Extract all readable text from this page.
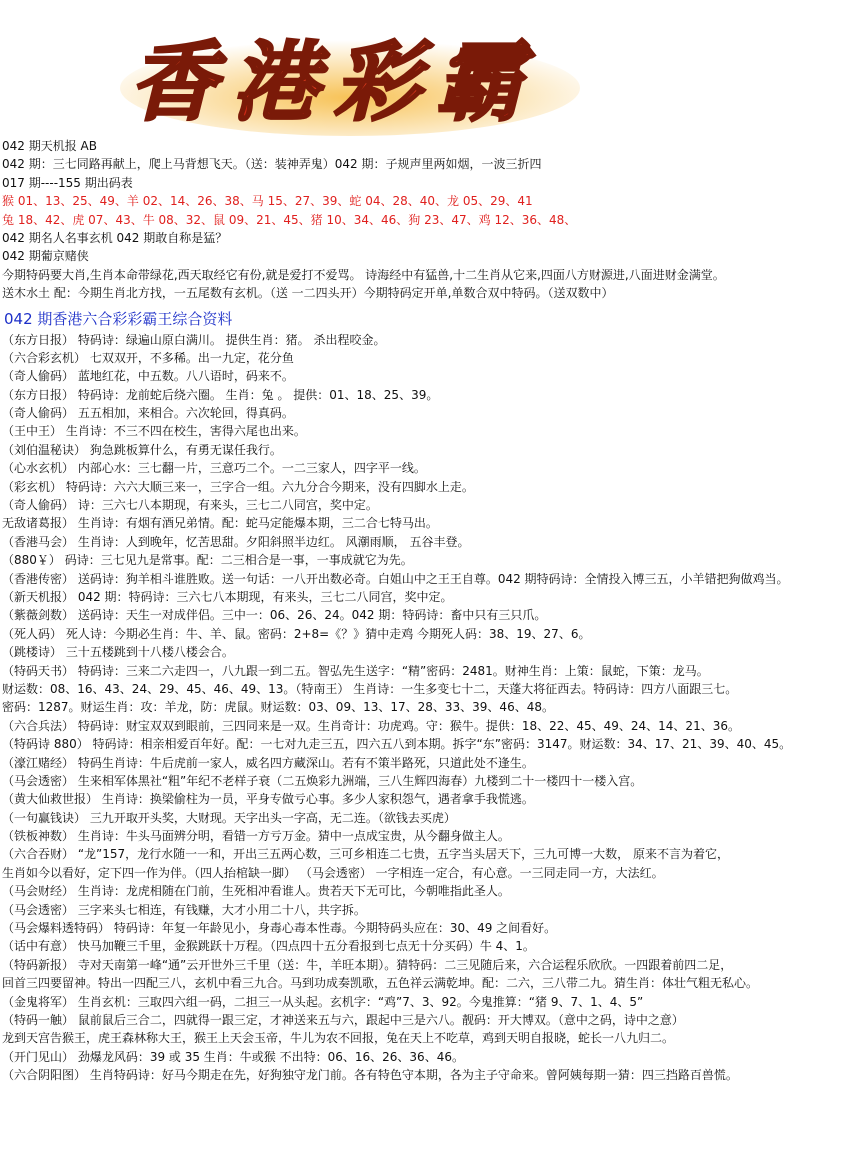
香港彩霸
042 期天机报 AB
042 期：三七同路再献上，爬上马背想飞天。（送：装神弄鬼）042 期：子规声里两如烟，一波三折四
017 期----155 期出码表
猴 01、13、25、49、羊 02、14、26、38、马 15、27、39、蛇 04、28、40、龙 05、29、41
兔 18、42、虎 07、43、牛 08、32、鼠 09、21、45、猪 10、34、46、狗 23、47、鸡 12、36、48、
042 期名人名事玄机 042 期敢自称是猛？
042 期葡京赌侠
今期特码要大肖,生肖本命带绿花,西天取经它有份,就是爱打不爱骂。 诗海经中有猛兽,十二生肖从它来,四面八方财源进,八面进财金满堂。
送木水土 配：今期生肖北方找，一五尾数有玄机。（送 一二四头开）今期特码定开单,单数合双中特码。（送双数中）
042 期香港六合彩彩霸王综合资料
（东方日报） 特码诗：绿遍山原白满川。 提供生肖：猪。 杀出程咬金。
（六合彩玄机） 七双双开，不多稀。出一九定，花分鱼
（奇人偷码） 蓝地红花，中五数。八八语时，码来不。
（东方日报） 特码诗：龙前蛇后绕六圈。 生肖：兔 。 提供：01、18、25、39。
（奇人偷码） 五五相加，来相合。六次轮回，得真码。
（王中王） 生肖诗：不三不四在校生，害得六尾也出来。
（刘伯温秘诀） 狗急跳板算什么，有勇无谋任我行。
（心水玄机） 内部心水：三七翻一片，三意巧二个。一二三家人，四字平一线。
（彩玄机） 特码诗：六六大顺三来一，三字合一组。六九分合今期来，没有四脚水上走。
（奇人偷码） 诗：三六七八本期现，有来头，三七二八同宫，奖中定。
无敌诸葛报） 生肖诗：有烟有酒兄弟情。配：蛇马定能爆本期，三二合七特马出。
（香港马会） 生肖诗：人到晚年，忆苦思甜。夕阳斜照半边红。 风潮雨顺， 五谷丰登。
（880￥） 码诗：三七见九是常事。配：二三相合是一事，一事成就它为先。
（香港传密） 送码诗：狗羊相斗谁胜败。送一句话：一八开出数必奇。白姐山中之王王自尊。042 期特码诗：全情投入博三五，小羊错把狗做鸡当。
（新天机报） 042 期：特码诗：三六七八本期现，有来头，三七二八同宫，奖中定。
（紫薇剑数） 送码诗：天生一对成伴侣。三中一：06、26、24。042 期：特码诗：畜中只有三只爪。
（死人码） 死人诗：今期必生肖：牛、羊、鼠。密码：2+8=《？》猜中走鸡 今期死人码：38、19、27、6。
（跳楼诗） 三十五楼跳到十八楼八楼会合。
（特码天书） 特码诗：三来二六走四一，八九跟一到二五。智弘先生送字：“精”密码：2481。财神生肖：上策：鼠蛇，下策：龙马。
财运数：08、16、43、24、29、45、46、49、13。（特南王） 生肖诗：一生多变七十二，天蓬大将征西去。特码诗：四方八面跟三七。
密码：1287。财运生肖：攻：羊龙，防：虎鼠。财运数：03、09、13、17、28、33、39、46、48。
（六合兵法） 特码诗：财宝双双到眼前，三四同来是一双。生肖奇计：功虎鸡。守：猴牛。提供：18、22、45、49、24、14、21、36。
（特码诗 880） 特码诗：相亲相爱百年好。配：一七对九走三五，四六五八到本期。拆字“东”密码：3147。财运数：34、17、21、39、40、45。
（濠江赌经） 特码生肖诗：牛后虎前一家人，威名四方藏深山。若有不策半路死，只道此处不逢生。
（马会透密） 生来相军体黑社“粗”年纪不老样子衰（二五焕彩九洲端，三八生辉四海春）九楼到二十一楼四十一楼入宫。
（黄大仙救世报） 生肖诗：换梁偷柱为一员，平身专做亏心事。多少人家积怨气，遇者拿手我慌逃。
（一句赢钱诀） 三九开取开头奖，大财现。天字出头一字高，无二连。（欲钱去买虎）
（铁板神数） 生肖诗：牛头马面辨分明，看错一方亏万金。猜中一点成宝贵，从今翻身做主人。
（六合吞财） “龙”157，龙行水随一一和，开出三五两心数，三可乡相连二七贵，五字当头居天下，三九可博一大数， 原来不言为着它，
生肖如今以看好，定下四一作为伴。（四人抬棺缺一脚） （马会透密） 一字相连一定合，有心意。一三同走同一方，大法红。
（马会财经） 生肖诗：龙虎相随在门前，生死相冲看谁人。贵若天下无可比，今朝唯指此圣人。
（马会透密） 三字来头七相连，有钱赚，大才小用二十八，共字拆。
（马会爆料透特码） 特码诗：年复一年龄见小，身毒心毒本性毒。今期特码头应在：30、49 之间看好。
（话中有意） 快马加鞭三千里，金猴跳跃十万程。（四点四十五分看报到七点无十分买码）牛 4、1。
（特码新报） 寺对天南第一峰“通”云开世外三千里（送：牛，羊旺本期）。猜特码：二三见随后来，六合运程乐欣欣。一四跟着前四二足，
回首三四要留神。特出一四配三八，玄机中看三九合。马到功成奏凯歌，五色祥云满乾坤。配：二六，三八带二九。猜生肖：体壮气粗无私心。
（金鬼将军） 生肖玄机：三取四六组一码，二担三一从头起。玄机字：“鸡”7、3、92。今鬼推算：“猪 9、7、1、4、5”
（特码一触） 鼠前鼠后三合二，四就得一跟三定，才神送来五与六，跟起中三是六八。靓码：开大博双。（意中之码，诗中之意）
龙到天宫告猴王，虎王森林称大王，猴王上天会玉帝，牛儿为农不回报，兔在天上不吃草，鸡到天明自报晓，蛇长一八九归二。
（开门见山） 劲爆龙风码：39 或 35 生肖：牛或猴 不出特：06、16、26、36、46。
（六合阴阳图） 生肖特码诗：好马今期走在先，好狗独守龙门前。各有特色守本期，各为主子守命来。曾阿姨每期一猜：四三挡路百兽慌。
